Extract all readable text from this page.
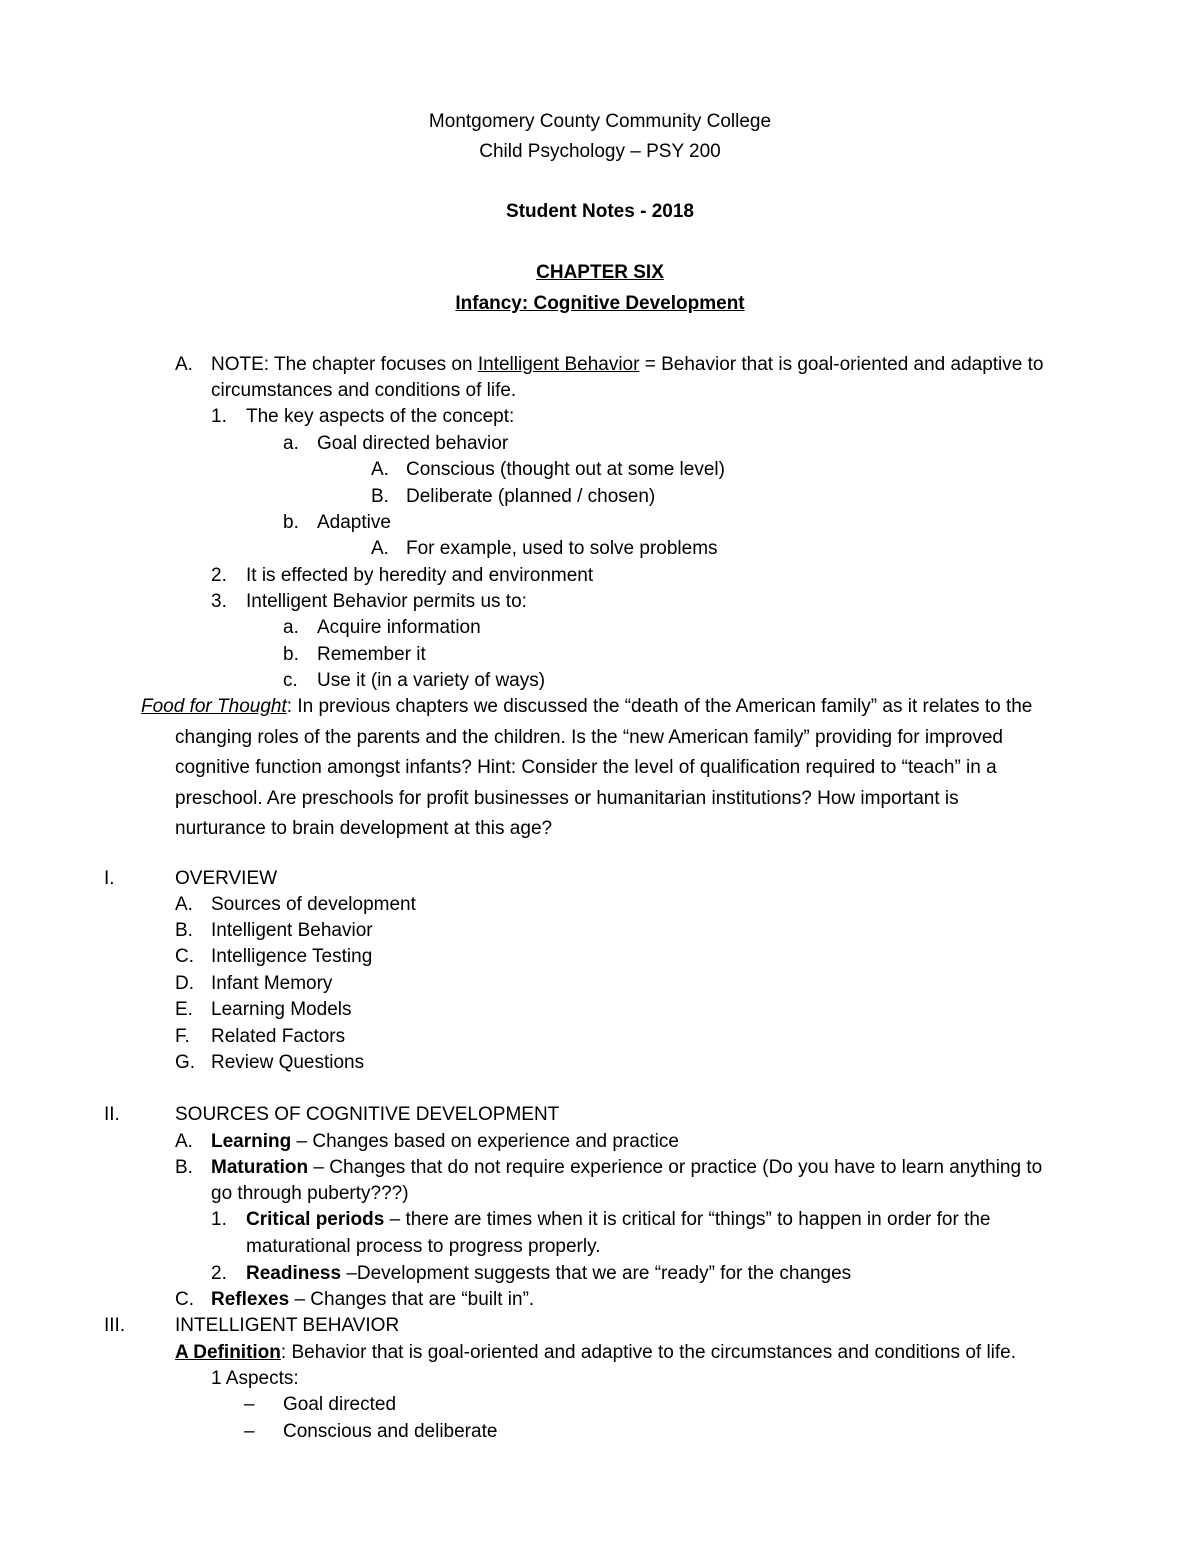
Montgomery County Community College
Child Psychology – PSY 200
Student Notes - 2018
CHAPTER SIX
Infancy: Cognitive Development
A. NOTE: The chapter focuses on Intelligent Behavior = Behavior that is goal-oriented and adaptive to
circumstances and conditions of life.
1. The key aspects of the concept:
a. Goal directed behavior
A. Conscious (thought out at some level)
B. Deliberate (planned / chosen)
b. Adaptive
A. For example, used to solve problems
2. It is effected by heredity and environment
3. Intelligent Behavior permits us to:
a. Acquire information
b. Remember it
c. Use it (in a variety of ways)
Food for Thought: In previous chapters we discussed the “death of the American family” as it relates to the
changing roles of the parents and the children. Is the “new American family” providing for improved
cognitive function amongst infants? Hint: Consider the level of qualification required to “teach” in a
preschool. Are preschools for profit businesses or humanitarian institutions? How important is
nurturance to brain development at this age?
I.	OVERVIEW
A. Sources of development
B. Intelligent Behavior
C. Intelligence Testing
D. Infant Memory
E. Learning Models
F. Related Factors
G. Review Questions
II.	SOURCES OF COGNITIVE DEVELOPMENT
A. Learning – Changes based on experience and practice
B. Maturation – Changes that do not require experience or practice (Do you have to learn anything to
go through puberty???)
1. Critical periods – there are times when it is critical for “things” to happen in order for the
maturational process to progress properly.
2. Readiness –Development suggests that we are “ready” for the changes
C. Reflexes – Changes that are “built in”.
III.	INTELLIGENT BEHAVIOR
A Definition: Behavior that is goal-oriented and adaptive to the circumstances and conditions of life.
1 Aspects:
– Goal directed
– Conscious and deliberate
